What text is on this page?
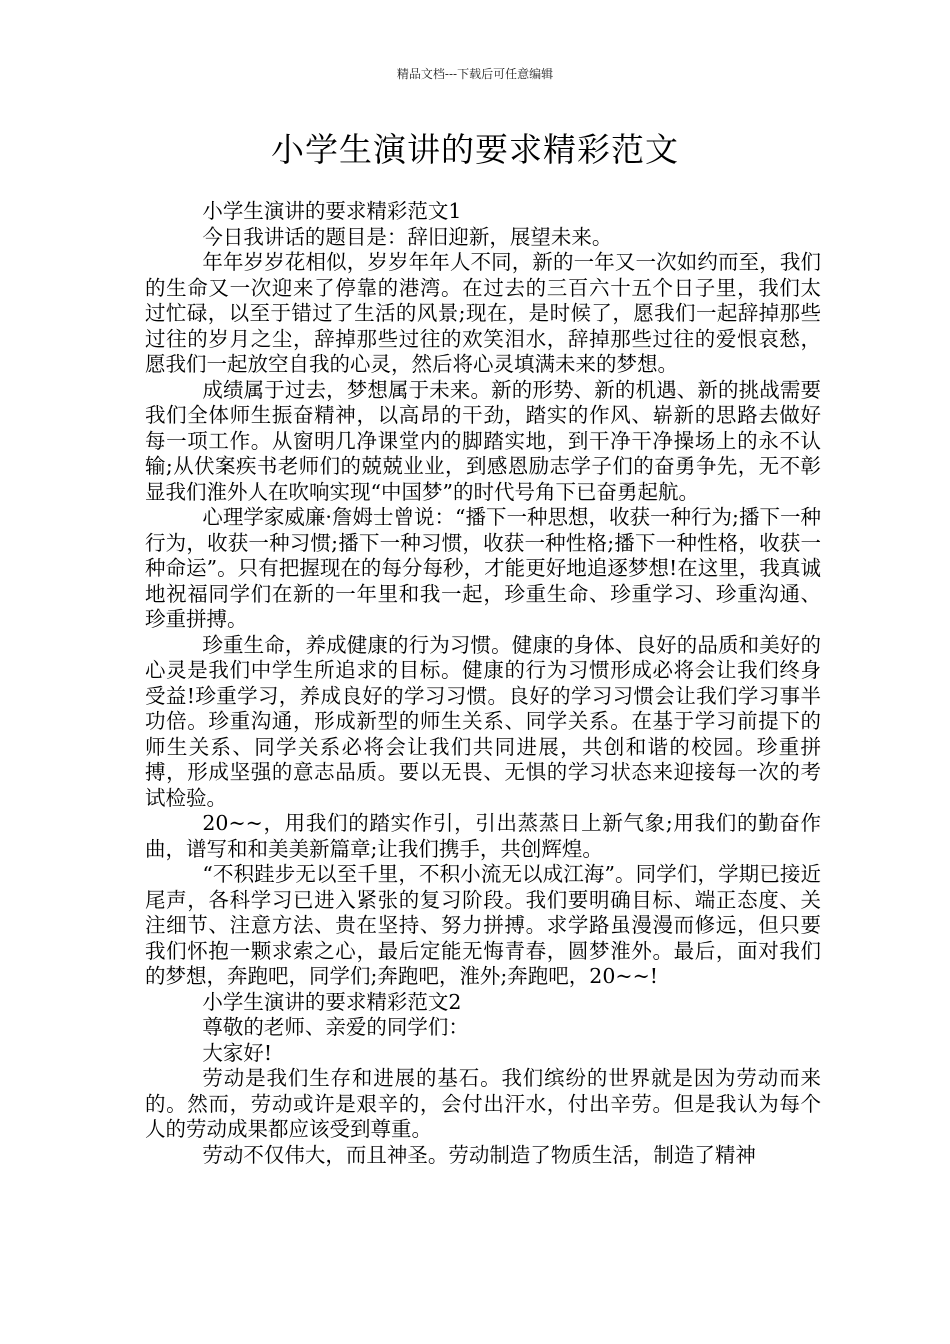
精品文档---下载后可任意编辑
小学生演讲的要求精彩范文

小学生演讲的要求精彩范文1

今日我讲话的题目是：辞旧迎新，展望未来。

年年岁岁花相似，岁岁年年人不同，新的一年又一次如约而至，我们的生命又一次迎来了停靠的港湾。在过去的三百六十五个日子里，我们太过忙碌，以至于错过了生活的风景;现在，是时候了，愿我们一起辞掉那些过往的岁月之尘，辞掉那些过往的欢笑泪水，辞掉那些过往的爱恨哀愁，愿我们一起放空自我的心灵，然后将心灵填满未来的梦想。

成绩属于过去，梦想属于未来。新的形势、新的机遇、新的挑战需要我们全体师生振奋精神，以高昂的干劲，踏实的作风、崭新的思路去做好每一项工作。从窗明几净课堂内的脚踏实地，到干净干净操场上的永不认输;从伏案疾书老师们的兢兢业业，到感恩励志学子们的奋勇争先，无不彰显我们淮外人在吹响实现“中国梦”的时代号角下已奋勇起航。

心理学家威廉·詹姆士曾说：“播下一种思想，收获一种行为;播下一种行为，收获一种习惯;播下一种习惯，收获一种性格;播下一种性格，收获一种命运”。只有把握现在的每分每秒，才能更好地追逐梦想!在这里，我真诚地祝福同学们在新的一年里和我一起，珍重生命、珍重学习、珍重沟通、珍重拼搏。

珍重生命，养成健康的行为习惯。健康的身体、良好的品质和美好的心灵是我们中学生所追求的目标。健康的行为习惯形成必将会让我们终身受益!珍重学习，养成良好的学习习惯。良好的学习习惯会让我们学习事半功倍。珍重沟通，形成新型的师生关系、同学关系。在基于学习前提下的师生关系、同学关系必将会让我们共同进展，共创和谐的校园。珍重拼搏，形成坚强的意志品质。要以无畏、无惧的学习状态来迎接每一次的考试检验。

20~~，用我们的踏实作引，引出蒸蒸日上新气象;用我们的勤奋作曲，谱写和和美美新篇章;让我们携手，共创辉煌。

“不积跬步无以至千里，不积小流无以成江海”。同学们，学期已接近尾声，各科学习已进入紧张的复习阶段。我们要明确目标、端正态度、关注细节、注意方法、贵在坚持、努力拼搏。求学路虽漫漫而修远，但只要我们怀抱一颗求索之心，最后定能无悔青春，圆梦淮外。最后，面对我们的梦想，奔跑吧，同学们;奔跑吧，淮外;奔跑吧，20~~!

小学生演讲的要求精彩范文2

尊敬的老师、亲爱的同学们：

大家好!

劳动是我们生存和进展的基石。我们缤纷的世界就是因为劳动而来的。然而，劳动或许是艰辛的，会付出汗水，付出辛劳。但是我认为每个人的劳动成果都应该受到尊重。

劳动不仅伟大，而且神圣。劳动制造了物质生活，制造了精神
